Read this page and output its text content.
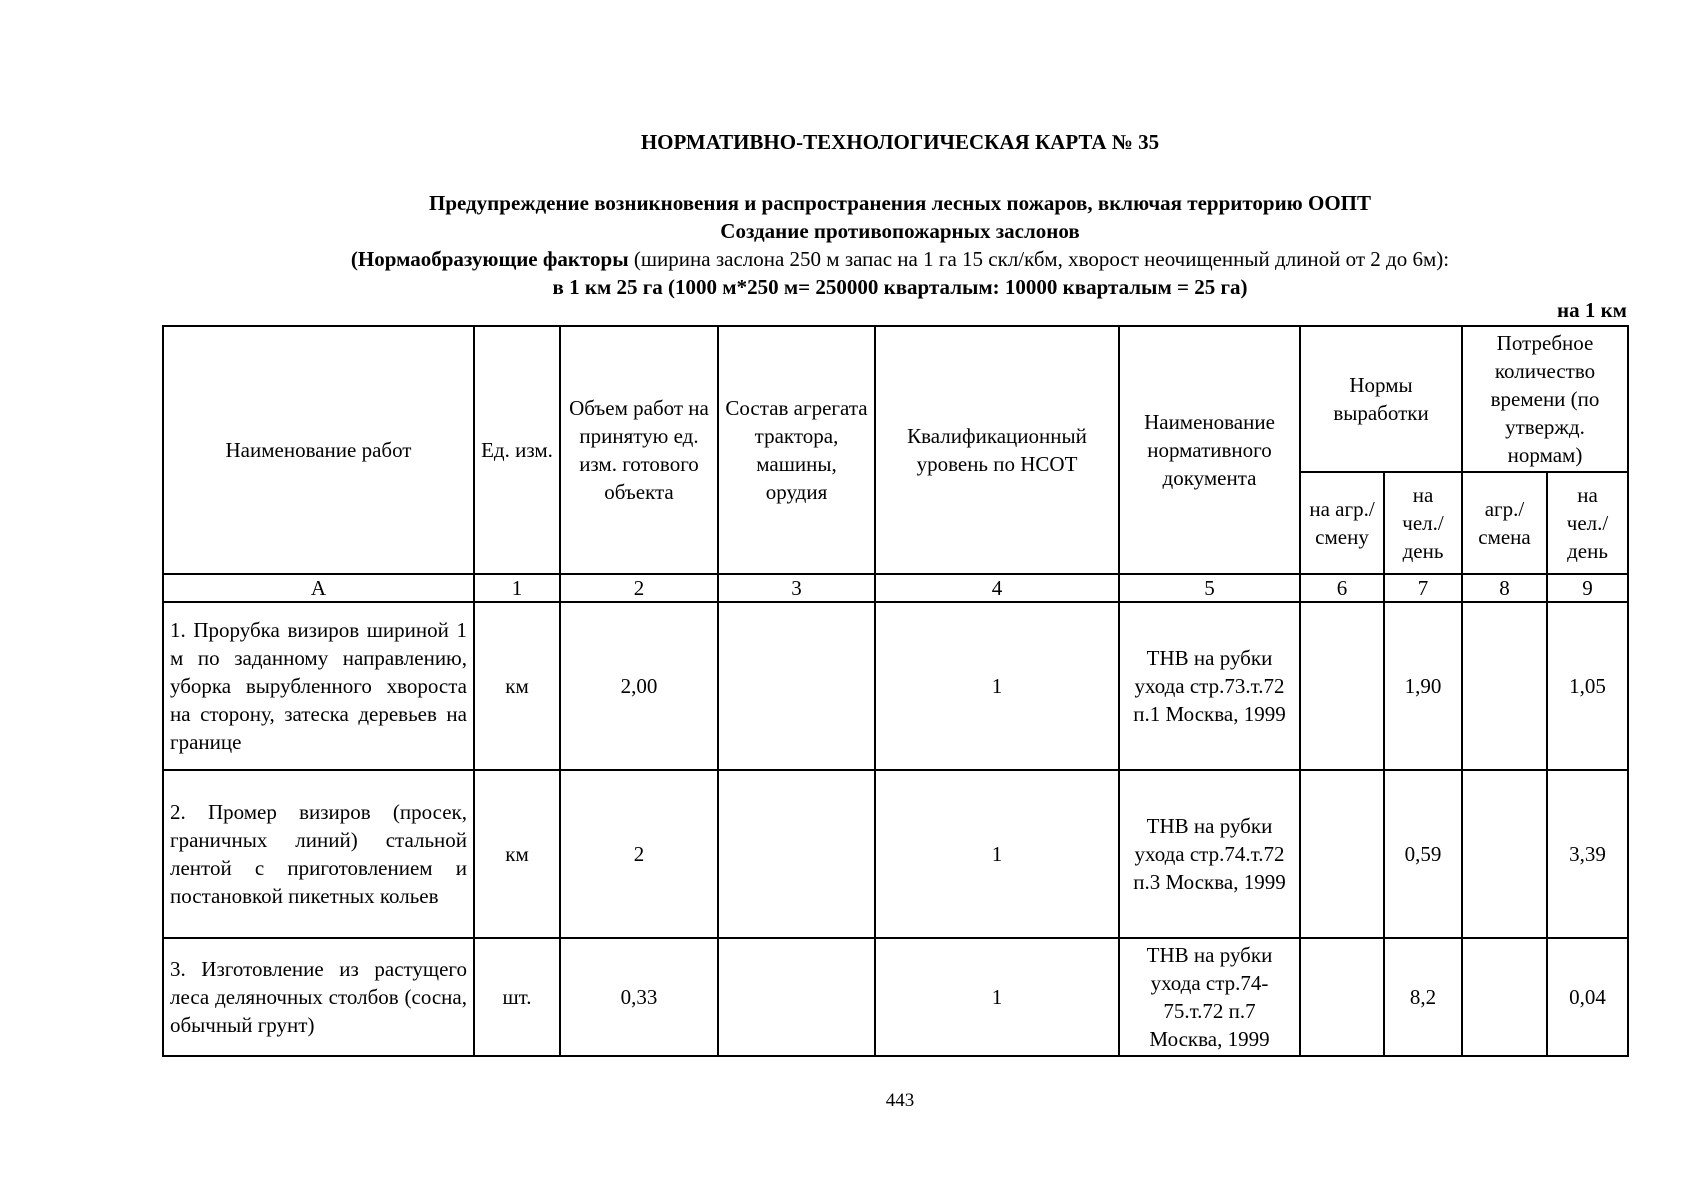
НОРМАТИВНО-ТЕХНОЛОГИЧЕСКАЯ КАРТА № 35
Предупреждение возникновения и распространения лесных пожаров, включая территорию ООПТ
Создание противопожарных заслонов
(Нормаобразующие факторы (ширина заслона 250 м запас на 1 га 15 скл/кбм, хворост неочищенный длиной от 2 до 6м):
в 1 км 25 га (1000 м*250 м= 250000 кварталым: 10000 кварталым = 25 га)
на 1 км
Наименование работ	Ед. изм.	Объем работ на принятую ед. изм. готового объекта	Состав агрегата трактора, машины, орудия	Квалификационный уровень по НСОТ	Наименование нормативного документа	Нормы выработки		Потребное количество времени (по утвержд. нормам)	
						на агр./ смену	на чел./ день	агр./ смена	на чел./ день
А	1	2	3	4	5	6	7	8	9
1. Прорубка визиров шириной 1 м по заданному направлению, уборка вырубленного хвороста на сторону, затеска деревьев на границе	км	2,00		1	ТНВ на рубки ухода стр.73.т.72 п.1 Москва, 1999		1,90		1,05
2. Промер визиров (просек, граничных линий) стальной лентой с приготовлением и постановкой пикетных кольев	км	2		1	ТНВ на рубки ухода стр.74.т.72 п.3 Москва, 1999		0,59		3,39
3. Изготовление из растущего леса деляночных столбов (сосна, обычный грунт)	шт.	0,33		1	ТНВ на рубки ухода стр.74-75.т.72 п.7 Москва, 1999		8,2		0,04
443
